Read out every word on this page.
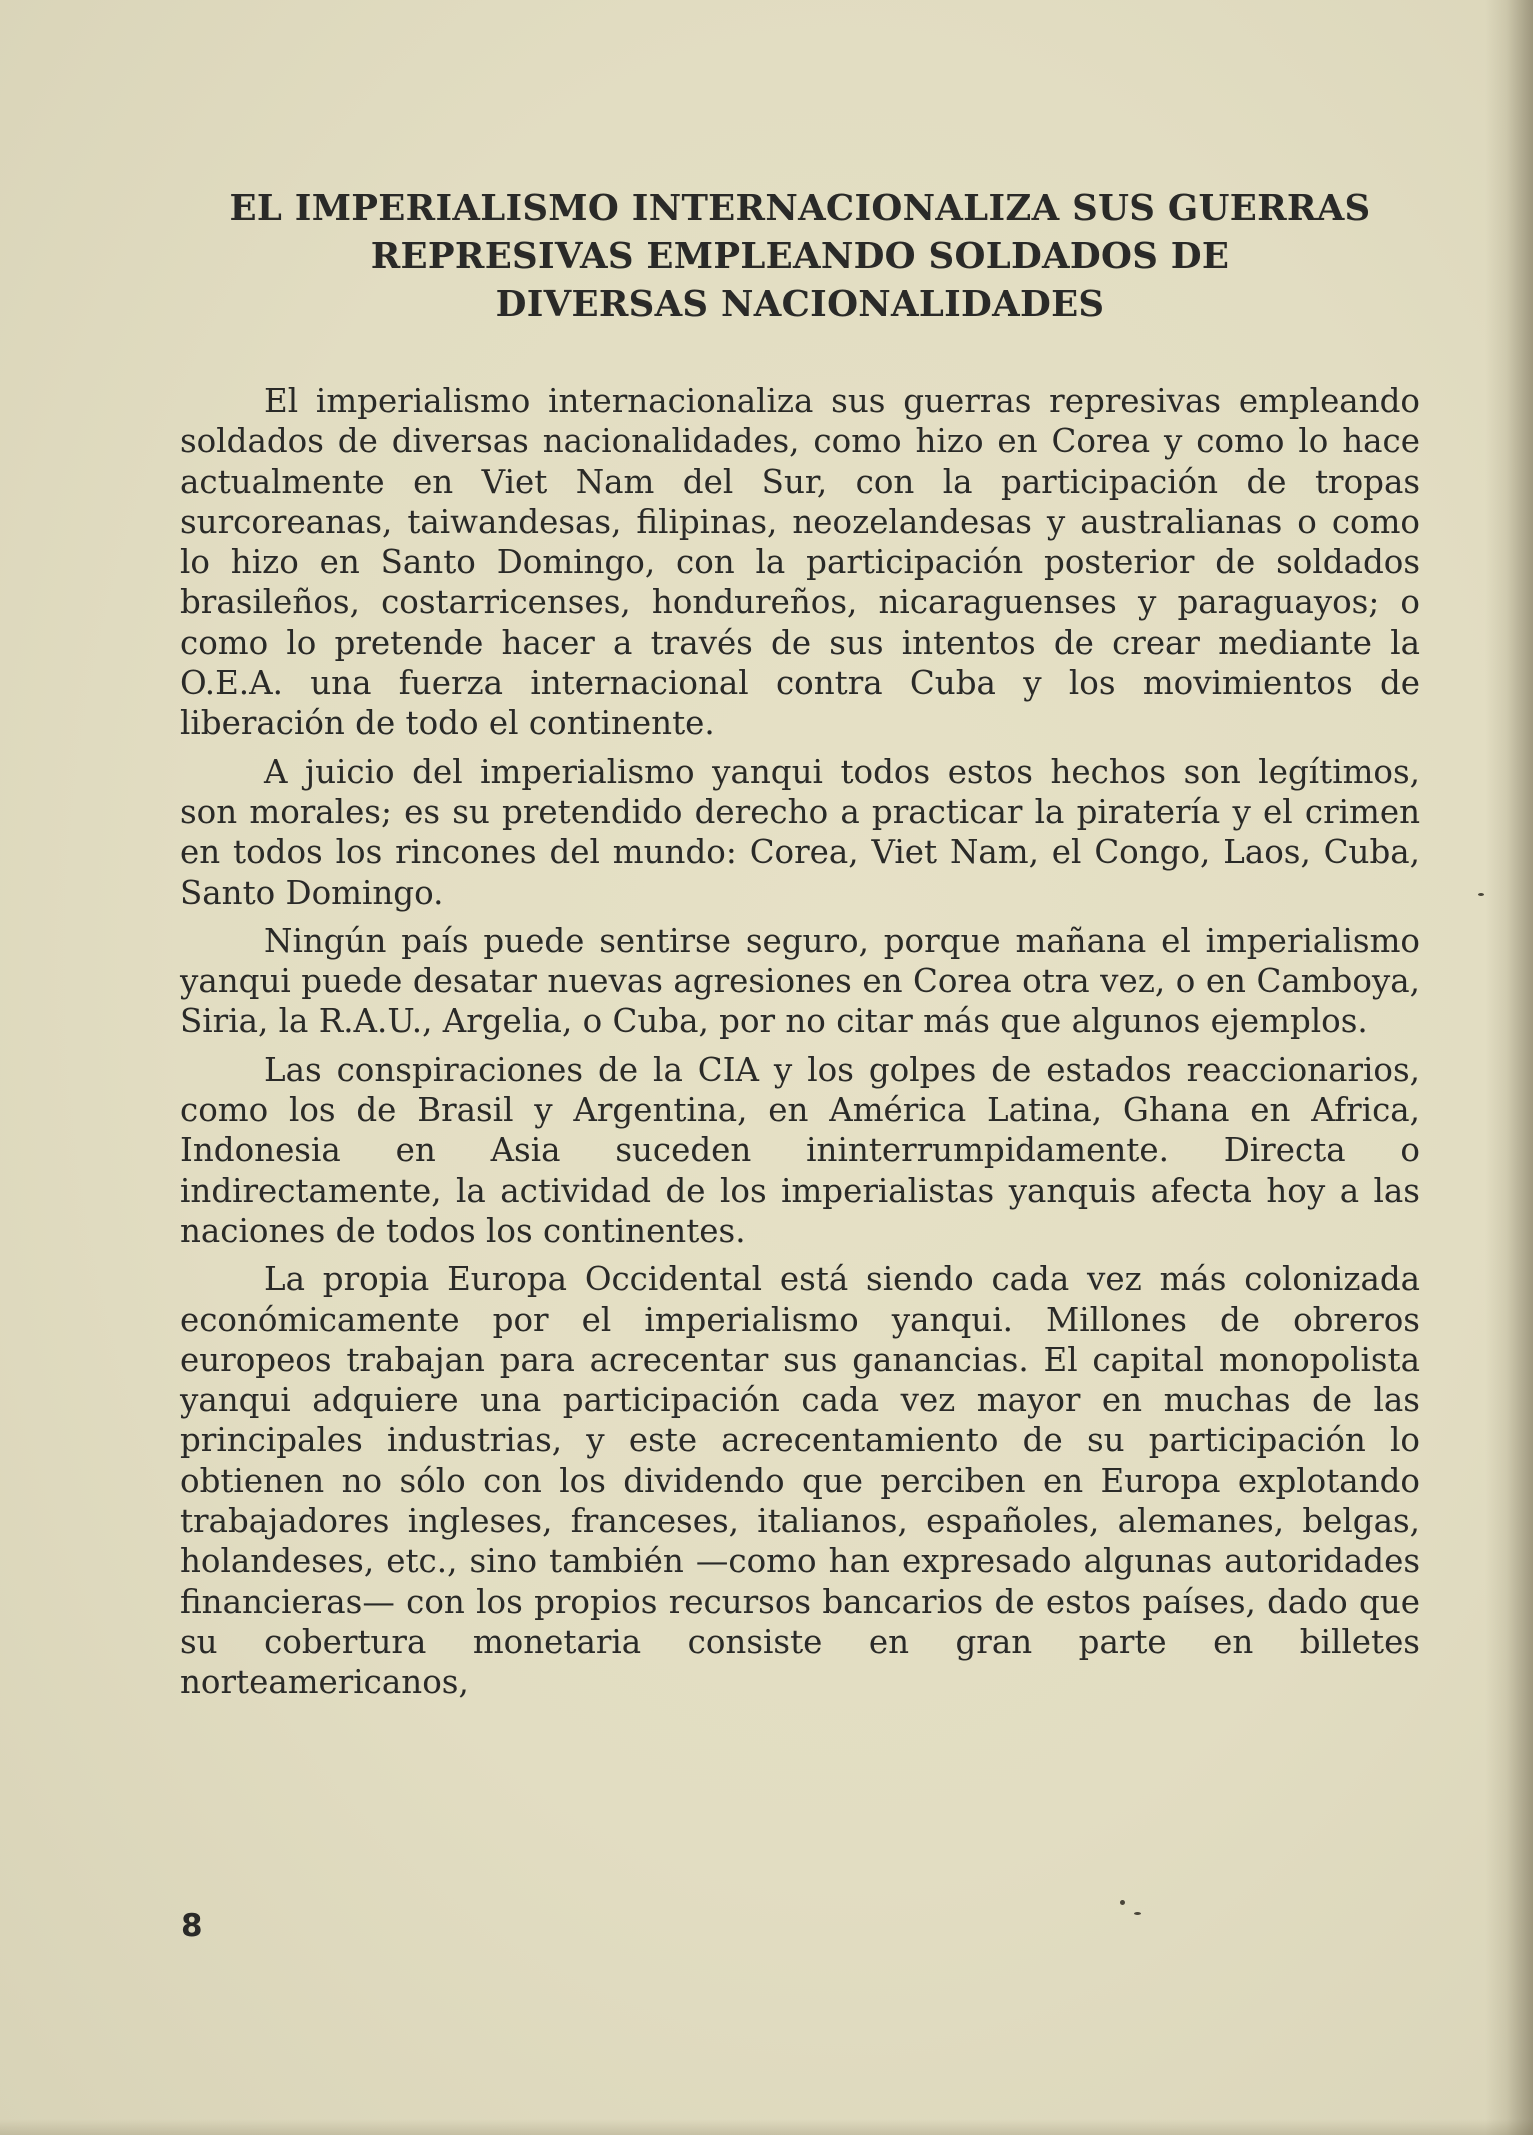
EL IMPERIALISMO INTERNACIONALIZA SUS GUERRAS
REPRESIVAS EMPLEANDO SOLDADOS DE
DIVERSAS NACIONALIDADES

El imperialismo internacionaliza sus guerras represivas empleando soldados de diversas nacionalidades, como hizo en Corea y como lo hace actualmente en Viet Nam del Sur, con la participación de tropas surcoreanas, taiwandesas, filipinas, neozelandesas y australianas o como lo hizo en Santo Domingo, con la participación posterior de soldados brasileños, costarricenses, hondureños, nicaraguenses y paraguayos; o como lo pretende hacer a través de sus intentos de crear mediante la O.E.A. una fuerza internacional contra Cuba y los movimientos de liberación de todo el continente.

A juicio del imperialismo yanqui todos estos hechos son legítimos, son morales; es su pretendido derecho a practicar la piratería y el crimen en todos los rincones del mundo: Corea, Viet Nam, el Congo, Laos, Cuba, Santo Domingo.

Ningún país puede sentirse seguro, porque mañana el imperialismo yanqui puede desatar nuevas agresiones en Corea otra vez, o en Camboya, Siria, la R.A.U., Argelia, o Cuba, por no citar más que algunos ejemplos.

Las conspiraciones de la CIA y los golpes de estados reaccionarios, como los de Brasil y Argentina, en América Latina, Ghana en Africa, Indonesia en Asia suceden ininterrumpidamente. Directa o indirectamente, la actividad de los imperialistas yanquis afecta hoy a las naciones de todos los continentes.

La propia Europa Occidental está siendo cada vez más colonizada económicamente por el imperialismo yanqui. Millones de obreros europeos trabajan para acrecentar sus ganancias. El capital monopolista yanqui adquiere una participación cada vez mayor en muchas de las principales industrias, y este acrecentamiento de su participación lo obtienen no sólo con los dividendo que perciben en Europa explotando trabajadores ingleses, franceses, italianos, españoles, alemanes, belgas, holandeses, etc., sino también —como han expresado algunas autoridades financieras— con los propios recursos bancarios de estos países, dado que su cobertura monetaria consiste en gran parte en billetes norteamericanos,

8
